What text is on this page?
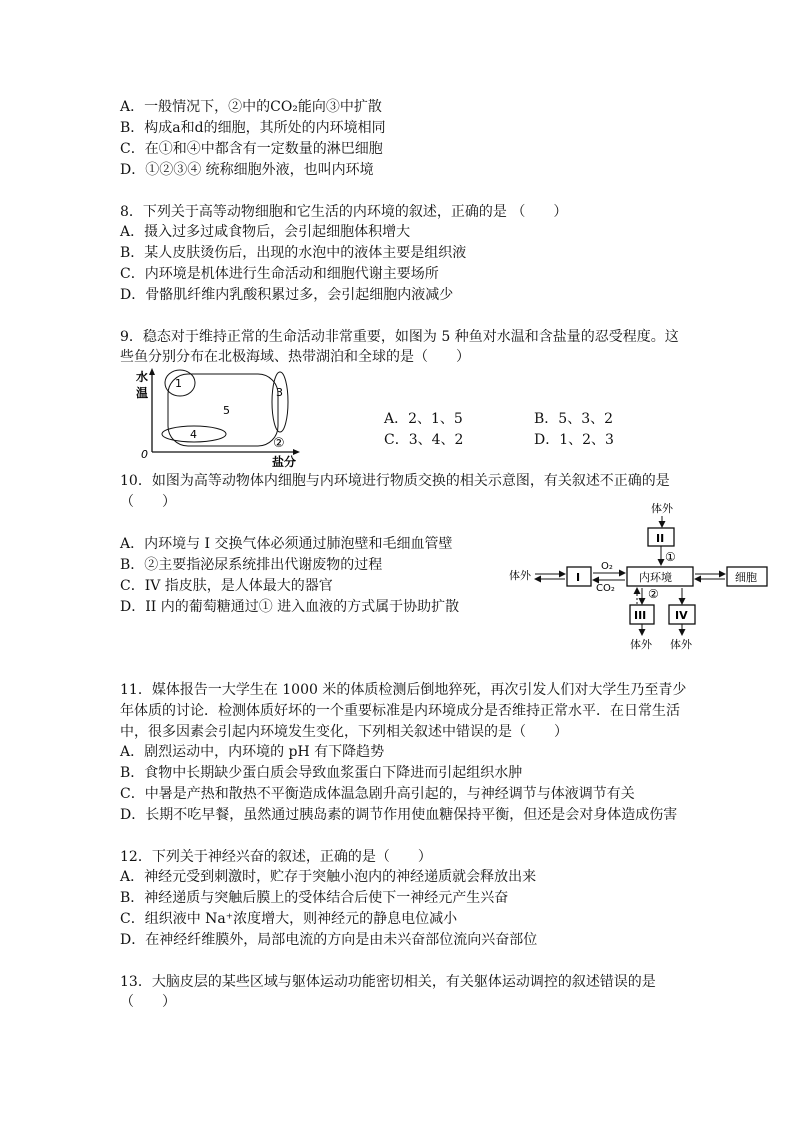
A．一般情况下，②中的CO₂能向③中扩散
B．构成a和d的细胞，其所处的内环境相同
C．在①和④中都含有一定数量的淋巴细胞
D．①②③④ 统称细胞外液，也叫内环境
8．下列关于高等动物细胞和它生活的内环境的叙述，正确的是 （　　）
A．摄入过多过咸食物后，会引起细胞体积增大
B．某人皮肤烫伤后，出现的水泡中的液体主要是组织液
C．内环境是机体进行生命活动和细胞代谢主要场所
D．骨骼肌纤维内乳酸积累过多，会引起细胞内液减少
9．稳态对于维持正常的生命活动非常重要，如图为 5 种鱼对水温和含盐量的忍受程度。这
些鱼分别分布在北极海域、热带湖泊和全球的是（　　）
水
温
0
盐分
1
3
5
4
②
A．2、1、5	B．5、3、2
C．3、4、2	D．1、2、3
10．如图为高等动物体内细胞与内环境进行物质交换的相关示意图，有关叙述不正确的是
（　　）
A．内环境与 I 交换气体必须通过肺泡壁和毛细血管壁
B．②主要指泌尿系统排出代谢废物的过程
C．IV 指皮肤，是人体最大的器官
D．II 内的葡萄糖通过① 进入血液的方式属于协助扩散
体外
II
①
内环境
体外	I
O₂
CO₂
细胞
②
III
体外
IV
体外
11．媒体报告一大学生在 1000 米的体质检测后倒地猝死，再次引发人们对大学生乃至青少
年体质的讨论．检测体质好坏的一个重要标准是内环境成分是否维持正常水平．在日常生活
中，很多因素会引起内环境发生变化，下列相关叙述中错误的是（　　）
A．剧烈运动中，内环境的 pH 有下降趋势
B．食物中长期缺少蛋白质会导致血浆蛋白下降进而引起组织水肿
C．中暑是产热和散热不平衡造成体温急剧升高引起的，与神经调节与体液调节有关
D．长期不吃早餐，虽然通过胰岛素的调节作用使血糖保持平衡，但还是会对身体造成伤害
12．下列关于神经兴奋的叙述，正确的是（　　）
A．神经元受到刺激时，贮存于突触小泡内的神经递质就会释放出来
B．神经递质与突触后膜上的受体结合后使下一神经元产生兴奋
C．组织液中 Na⁺浓度增大，则神经元的静息电位减小
D．在神经纤维膜外，局部电流的方向是由未兴奋部位流向兴奋部位
13．大脑皮层的某些区域与躯体运动功能密切相关，有关躯体运动调控的叙述错误的是
（　　）
